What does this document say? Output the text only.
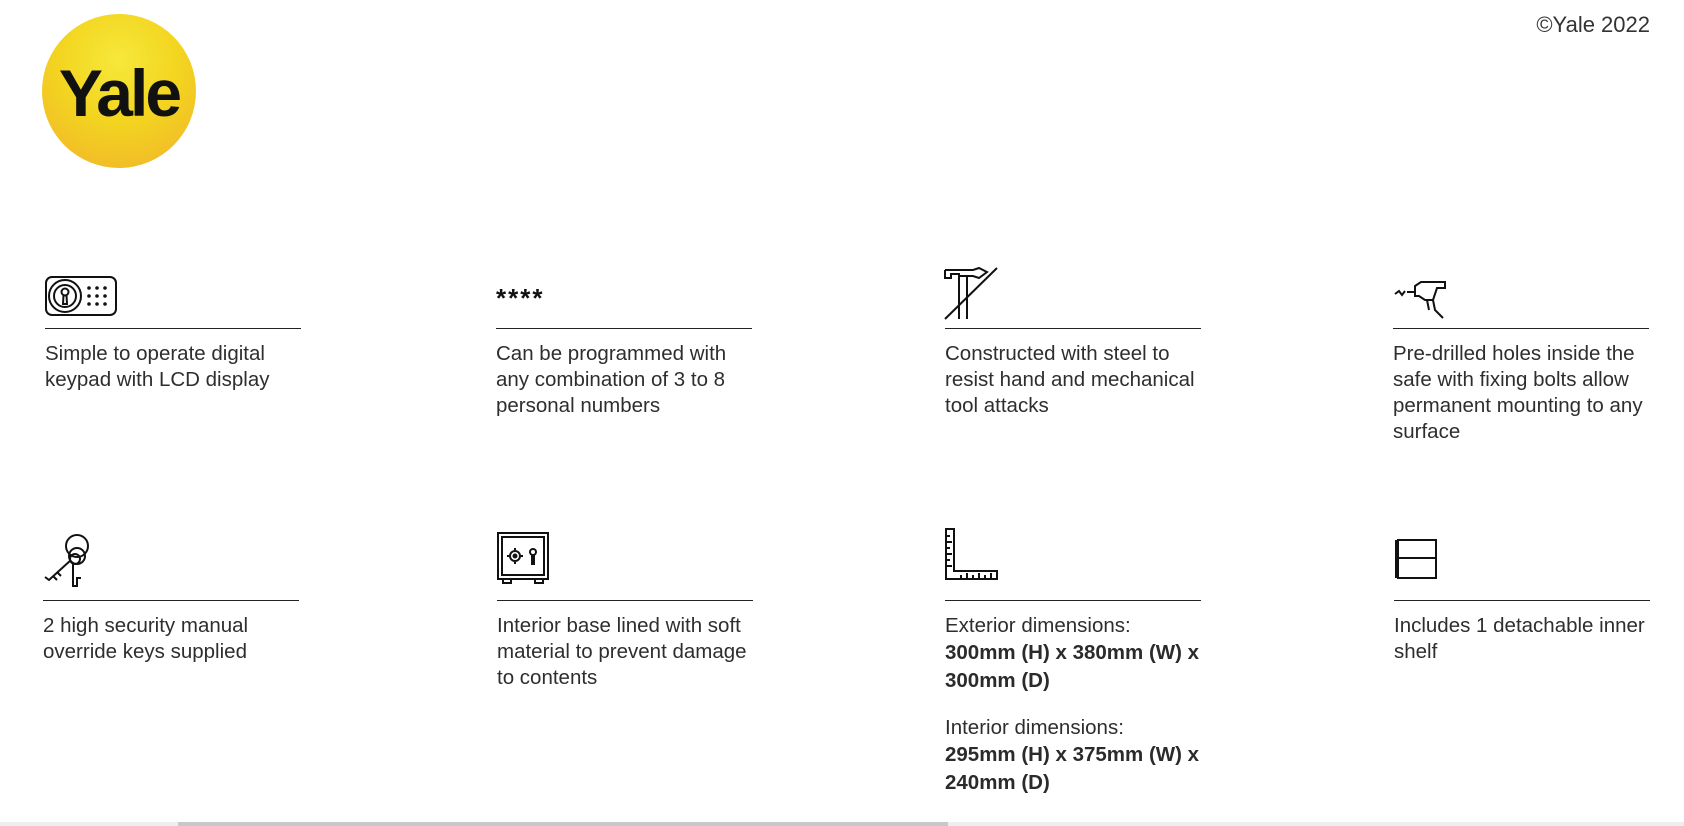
Yale
©Yale 2022
Simple to operate digital keypad with LCD display
****
Can be programmed with any combination of 3 to 8 personal numbers
Constructed with steel to resist hand and mechanical tool attacks
Pre-drilled holes inside the safe with fixing bolts allow permanent mounting to any surface
2 high security manual override keys supplied
Interior base lined with soft material to prevent damage to contents
Exterior dimensions:
300mm (H) x 380mm (W) x 300mm (D)
Interior dimensions:
295mm (H) x 375mm (W) x 240mm (D)
Includes 1 detachable inner shelf
